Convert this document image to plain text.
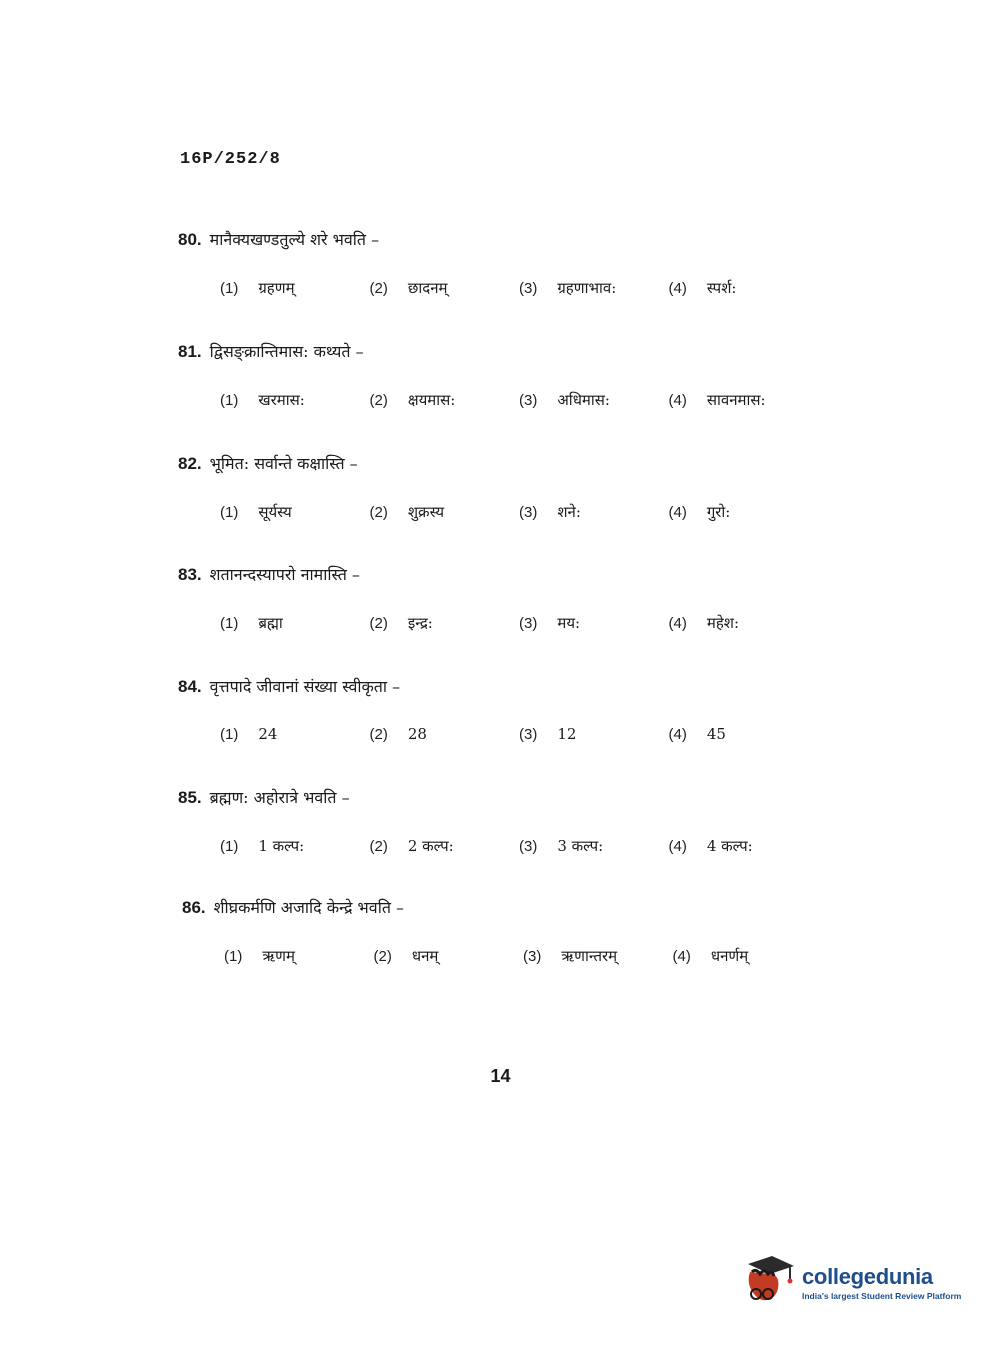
16P/252/8
80. मानैक्यखण्डतुल्ये शरे भवति –
(1) ग्रहणम्	(2) छादनम्	(3) ग्रहणाभाव:	(4) स्पर्श:
81. द्विसङ्क्रान्तिमास: कथ्यते –
(1) खरमास:	(2) क्षयमास:	(3) अधिमास:	(4) सावनमास:
82. भूमित: सर्वान्ते कक्षास्ति –
(1) सूर्यस्य	(2) शुक्रस्य	(3) शने:	(4) गुरो:
83. शतानन्दस्यापरो नामास्ति –
(1) ब्रह्मा	(2) इन्द्र:	(3) मय:	(4) महेश:
84. वृत्तपादे जीवानां संख्या स्वीकृता –
(1) 24	(2) 28	(3) 12	(4) 45
85. ब्रह्मण: अहोरात्रे भवति –
(1) 1 कल्प:	(2) 2 कल्प:	(3) 3 कल्प:	(4) 4 कल्प:
86. शीघ्रकर्मणि अजादि केन्द्रे भवति –
(1) ऋणम्	(2) धनम्	(3) ऋणान्तरम्	(4) धनर्णम्
14
collegedunia
India's largest Student Review Platform
